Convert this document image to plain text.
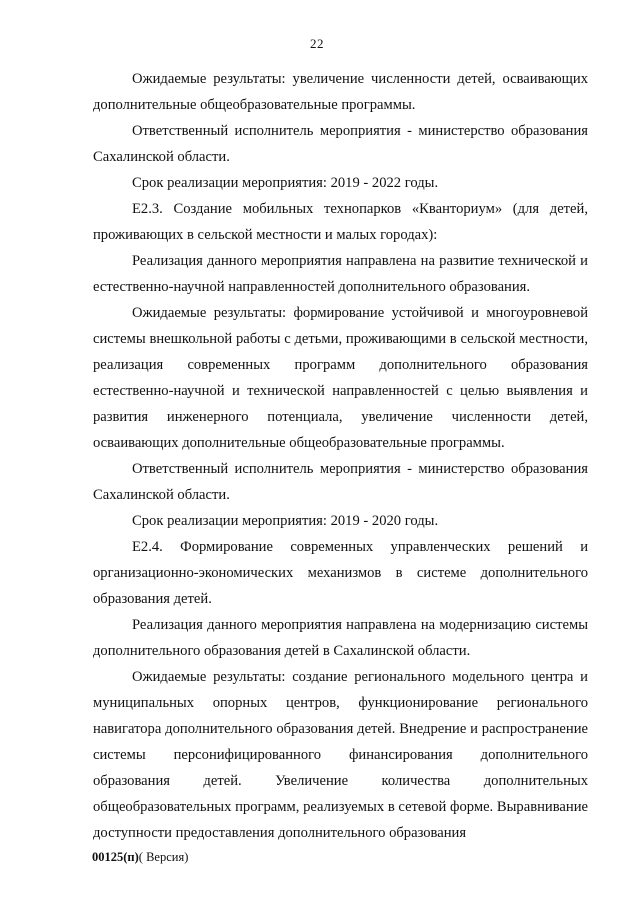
22

Ожидаемые результаты: увеличение численности детей, осваивающих дополнительные общеобразовательные программы.

Ответственный исполнитель мероприятия - министерство образования Сахалинской области.

Срок реализации мероприятия: 2019 - 2022 годы.

Е2.3. Создание мобильных технопарков «Кванториум» (для детей, проживающих в сельской местности и малых городах):

Реализация данного мероприятия направлена на развитие технической и естественно-научной направленностей дополнительного образования.

Ожидаемые результаты: формирование устойчивой и многоуровневой системы внешкольной работы с детьми, проживающими в сельской местности, реализация современных программ дополнительного образования естественно-научной и технической направленностей с целью выявления и развития инженерного потенциала, увеличение численности детей, осваивающих дополнительные общеобразовательные программы.

Ответственный исполнитель мероприятия - министерство образования Сахалинской области.

Срок реализации мероприятия: 2019 - 2020 годы.

Е2.4. Формирование современных управленческих решений и организационно-экономических механизмов в системе дополнительного образования детей.

Реализация данного мероприятия направлена на модернизацию системы дополнительного образования детей в Сахалинской области.

Ожидаемые результаты: создание регионального модельного центра и муниципальных опорных центров, функционирование регионального навигатора дополнительного образования детей. Внедрение и распространение системы персонифицированного финансирования дополнительного образования детей. Увеличение количества дополнительных общеобразовательных программ, реализуемых в сетевой форме. Выравнивание доступности предоставления дополнительного образования

00125(п)( Версия)
